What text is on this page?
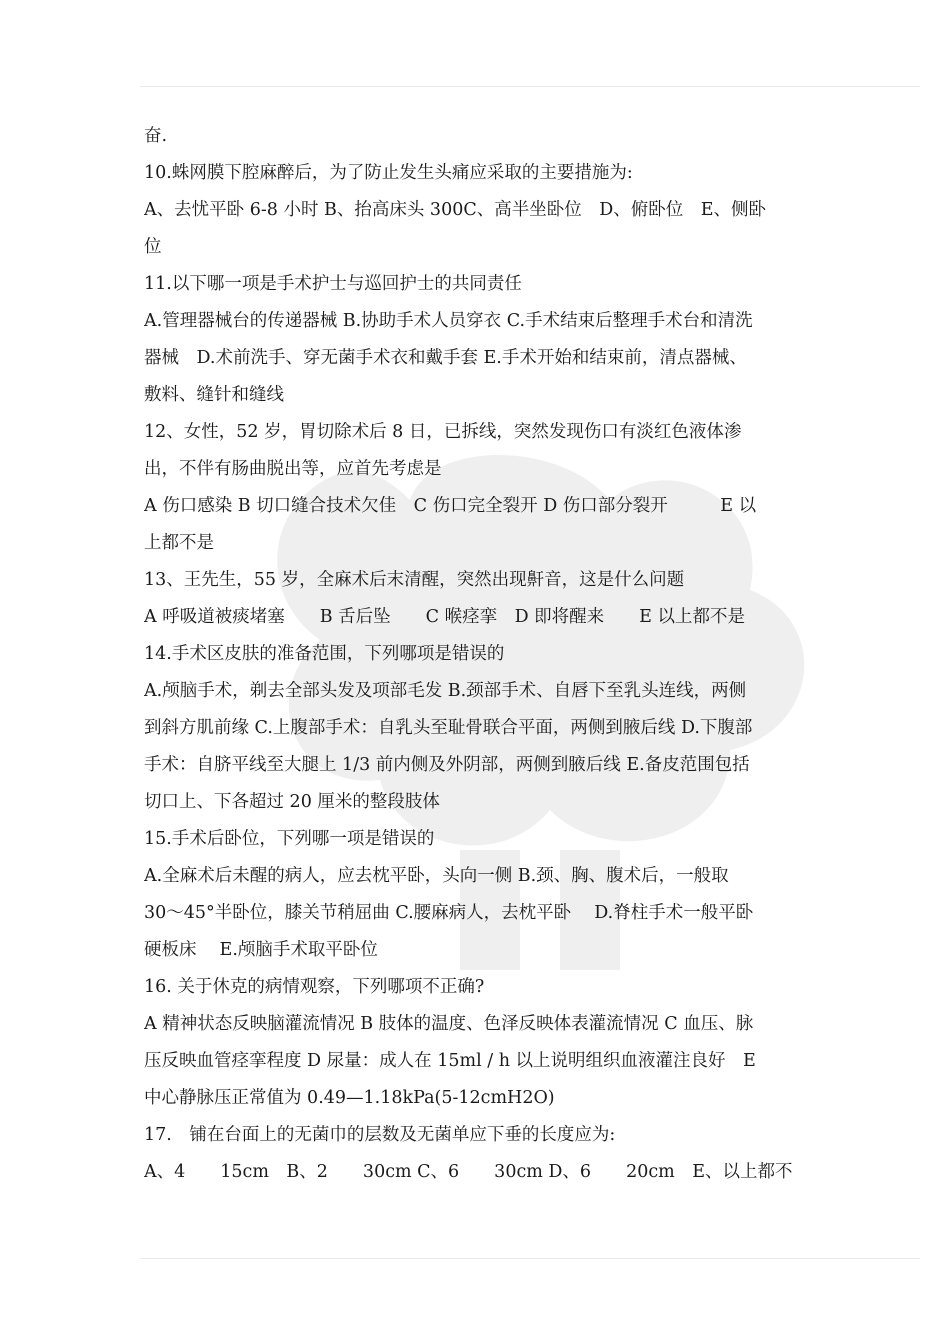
奋.
10.蛛网膜下腔麻醉后，为了防止发生头痛应采取的主要措施为:
A、去忧平卧 6-8 小时 B、抬高床头 300C、高半坐卧位　D、俯卧位　E、侧卧
位
11.以下哪一项是手术护士与巡回护士的共同责任
A.管理器械台的传递器械 B.协助手术人员穿衣 C.手术结束后整理手术台和清洗
器械　D.术前洗手、穿无菌手术衣和戴手套 E.手术开始和结束前，清点器械、
敷料、缝针和缝线
12、女性，52 岁，胃切除术后 8 日，已拆线，突然发现伤口有淡红色液体渗
出，不伴有肠曲脱出等，应首先考虑是
A 伤口感染 B 切口缝合技术欠佳　C 伤口完全裂开 D 伤口部分裂开　　　E 以
上都不是
13、王先生，55 岁，全麻术后末清醒，突然出现鼾音，这是什么问题
A 呼吸道被痰堵塞　　B 舌后坠　　C 喉痉挛　D 即将醒来　　E 以上都不是
14.手术区皮肤的准备范围，下列哪项是错误的
A.颅脑手术，剃去全部头发及项部毛发 B.颈部手术、自唇下至乳头连线，两侧
到斜方肌前缘 C.上腹部手术：自乳头至耻骨联合平面，两侧到腋后线 D.下腹部
手术：自脐平线至大腿上 1/3 前内侧及外阴部，两侧到腋后线 E.备皮范围包括
切口上、下各超过 20 厘米的整段肢体
15.手术后卧位，下列哪一项是错误的
A.全麻术后未醒的病人，应去枕平卧，头向一侧 B.颈、胸、腹术后，一般取
30～45°半卧位，膝关节稍屈曲 C.腰麻病人，去枕平卧　 D.脊柱手术一般平卧
硬板床　 E.颅脑手术取平卧位
16. 关于休克的病情观察，下列哪项不正确?
A 精神状态反映脑灌流情况 B 肢体的温度、色泽反映体表灌流情况 C 血压、脉
压反映血管痉挛程度 D 尿量：成人在 15ml / h 以上说明组织血液灌注良好　E
中心静脉压正常值为 0.49—1.18kPa(5-12cmH2O)
17.　铺在台面上的无菌巾的层数及无菌单应下垂的长度应为:
A、4　　15cm　B、2　　30cm C、6　　30cm D、6　　20cm　E、以上都不
